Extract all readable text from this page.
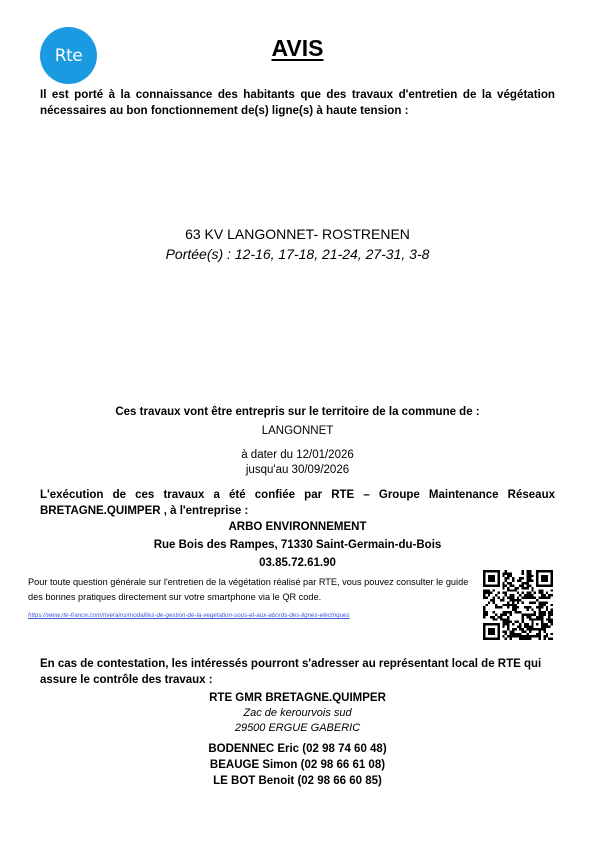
Rte	AVIS
Il est porté à la connaissance des habitants que des travaux d'entretien de la végétation nécessaires au bon fonctionnement de(s) ligne(s) à haute tension :
63 KV LANGONNET- ROSTRENEN
Portée(s) : 12-16, 17-18, 21-24, 27-31, 3-8
Ces travaux vont être entrepris sur le territoire de la commune de :
LANGONNET
à dater du 12/01/2026
jusqu'au 30/09/2026
L'exécution de ces travaux a été confiée par RTE – Groupe Maintenance Réseaux BRETAGNE.QUIMPER , à l'entreprise :
ARBO ENVIRONNEMENT
Rue Bois des Rampes, 71330 Saint-Germain-du-Bois
03.85.72.61.90
Pour toute question générale sur l'entretien de la végétation réalisé par RTE, vous pouvez consulter le guide des bonnes pratiques directement sur votre smartphone via le QR code.
https://www.rte-france.com/riverains/modalites-de-gestion-de-la-vegetation-sous-et-aux-abords-des-lignes-electriques
En cas de contestation, les intéressés pourront s'adresser au représentant local de RTE qui assure le contrôle des travaux :
RTE GMR BRETAGNE.QUIMPER
Zac de kerourvois sud
29500 ERGUE GABERIC
BODENNEC Eric (02 98 74 60 48)
BEAUGE Simon (02 98 66 61 08)
LE BOT Benoit (02 98 66 60 85)
